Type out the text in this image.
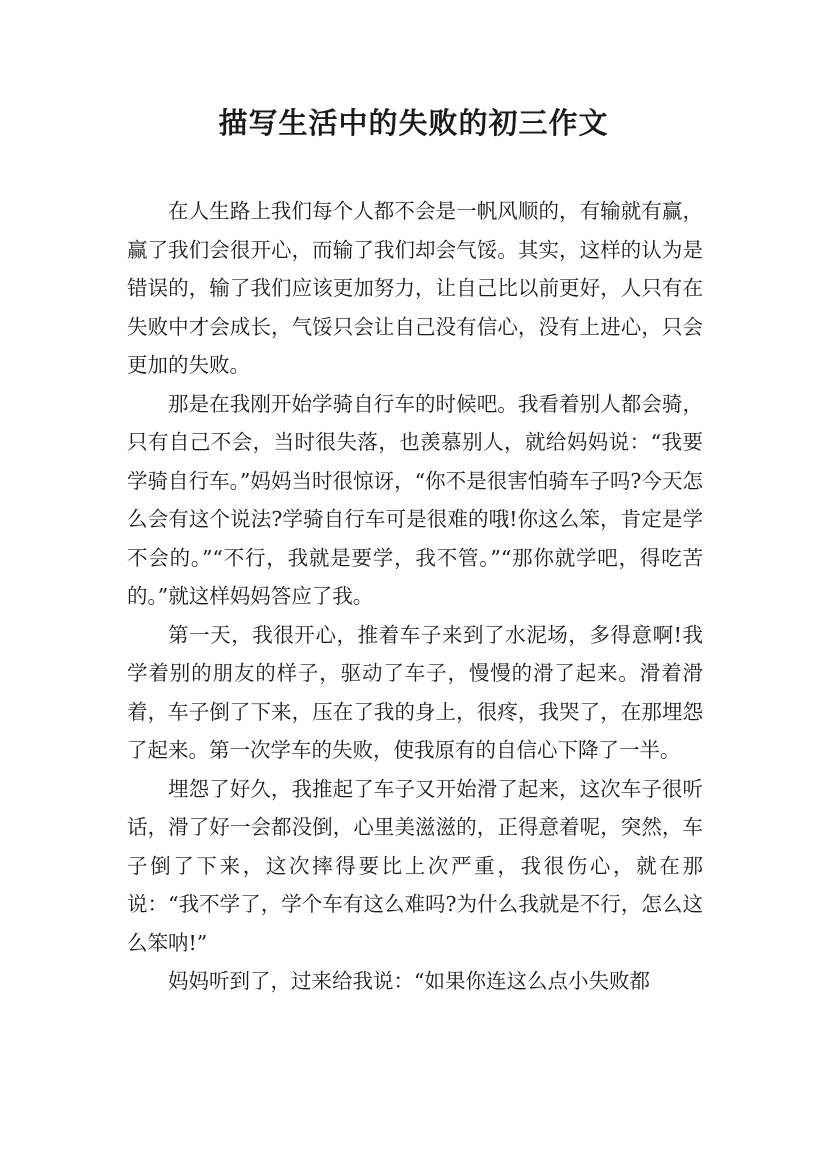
描写生活中的失败的初三作文

在人生路上我们每个人都不会是一帆风顺的，有输就有赢，赢了我们会很开心，而输了我们却会气馁。其实，这样的认为是错误的，输了我们应该更加努力，让自己比以前更好，人只有在失败中才会成长，气馁只会让自己没有信心，没有上进心，只会更加的失败。

那是在我刚开始学骑自行车的时候吧。我看着别人都会骑，只有自己不会，当时很失落，也羡慕别人，就给妈妈说：“我要学骑自行车。”妈妈当时很惊讶，“你不是很害怕骑车子吗?今天怎么会有这个说法?学骑自行车可是很难的哦!你这么笨，肯定是学不会的。”“不行，我就是要学，我不管。”“那你就学吧，得吃苦的。”就这样妈妈答应了我。

第一天，我很开心，推着车子来到了水泥场，多得意啊!我学着别的朋友的样子，驱动了车子，慢慢的滑了起来。滑着滑着，车子倒了下来，压在了我的身上，很疼，我哭了，在那埋怨了起来。第一次学车的失败，使我原有的自信心下降了一半。

埋怨了好久，我推起了车子又开始滑了起来，这次车子很听话，滑了好一会都没倒，心里美滋滋的，正得意着呢，突然，车子倒了下来，这次摔得要比上次严重，我很伤心，就在那说：“我不学了，学个车有这么难吗?为什么我就是不行，怎么这么笨呐!”

妈妈听到了，过来给我说：“如果你连这么点小失败都
